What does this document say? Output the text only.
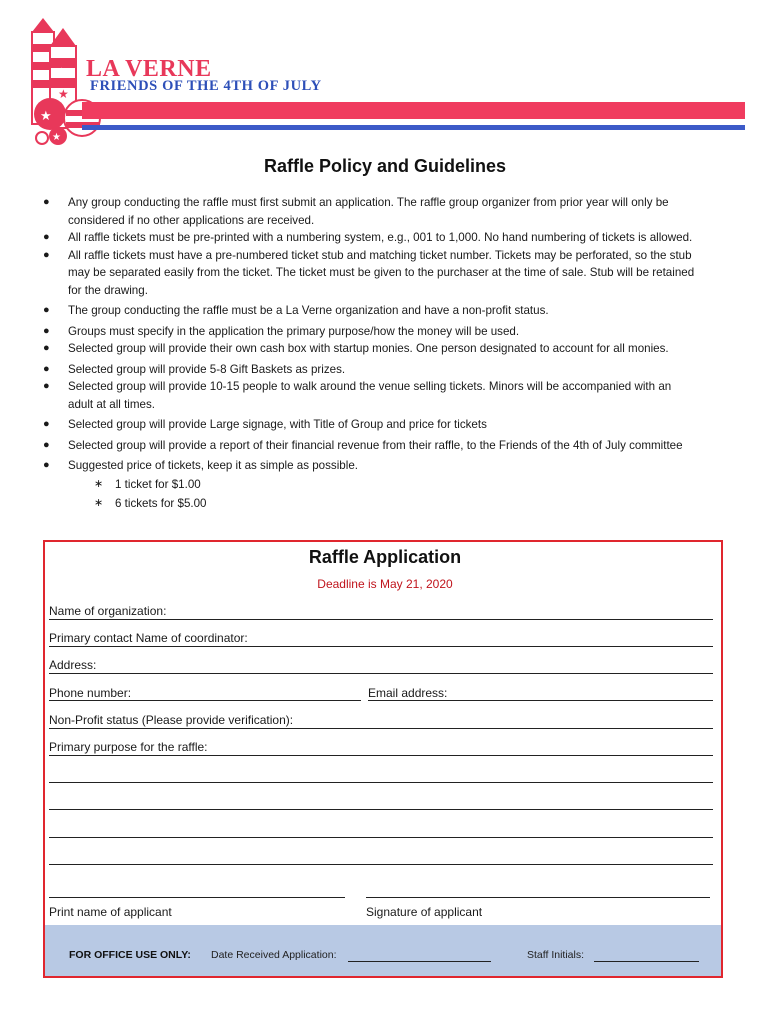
★
★
★
★
LA VERNE
FRIENDS OF THE 4TH OF JULY
Raffle Policy and Guidelines
● Any group conducting the raffle must first submit an application. The raffle group organizer from prior year will only be
considered if no other applications are received.
● All raffle tickets must be pre-printed with a numbering system, e.g., 001 to 1,000. No hand numbering of tickets is allowed.
● All raffle tickets must have a pre-numbered ticket stub and matching ticket number. Tickets may be perforated, so the stub
may be separated easily from the ticket. The ticket must be given to the purchaser at the time of sale. Stub will be retained
for the drawing.
● The group conducting the raffle must be a La Verne organization and have a non-profit status.
● Groups must specify in the application the primary purpose/how the money will be used.
● Selected group will provide their own cash box with startup monies. One person designated to account for all monies.
● Selected group will provide 5-8 Gift Baskets as prizes.
● Selected group will provide 10-15 people to walk around the venue selling tickets. Minors will be accompanied with an
adult at all times.
● Selected group will provide Large signage, with Title of Group and price for tickets
● Selected group will provide a report of their financial revenue from their raffle, to the Friends of the 4th of July committee
● Suggested price of tickets, keep it as simple as possible.
∗ 1 ticket for $1.00
∗ 6 tickets for $5.00
Raffle Application
Deadline is May 21, 2020
Name of organization:
Primary contact Name of coordinator:
Address:
Phone number:	Email address:
Non-Profit status (Please provide verification):
Primary purpose for the raffle:
Print name of applicant	Signature of applicant
FOR OFFICE USE ONLY: Date Received Application:	Staff Initials:
